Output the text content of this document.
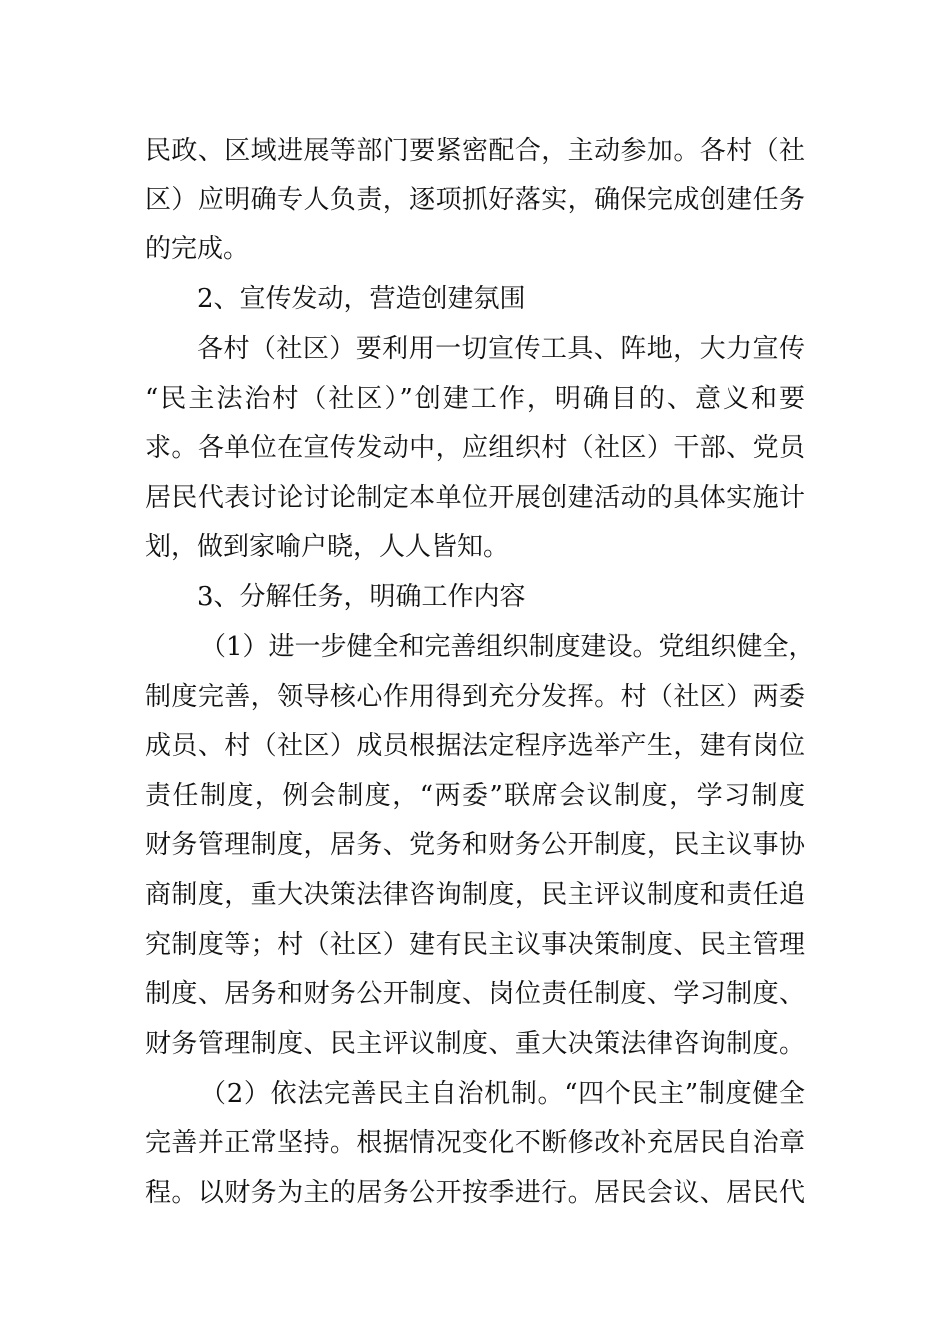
民政、区域进展等部门要紧密配合，主动参加。各村（社
区）应明确专人负责，逐项抓好落实，确保完成创建任务
的完成。
2、宣传发动，营造创建氛围
各村（社区）要利用一切宣传工具、阵地，大力宣传
“民主法治村（社区）”创建工作，明确目的、意义和要
求。各单位在宣传发动中，应组织村（社区）干部、党员
居民代表讨论讨论制定本单位开展创建活动的具体实施计
划，做到家喻户晓，人人皆知。
3、分解任务，明确工作内容
（1）进一步健全和完善组织制度建设。党组织健全，
制度完善，领导核心作用得到充分发挥。村（社区）两委
成员、村（社区）成员根据法定程序选举产生，建有岗位
责任制度，例会制度，“两委”联席会议制度，学习制度
财务管理制度，居务、党务和财务公开制度，民主议事协
商制度，重大决策法律咨询制度，民主评议制度和责任追
究制度等；村（社区）建有民主议事决策制度、民主管理
制度、居务和财务公开制度、岗位责任制度、学习制度、
财务管理制度、民主评议制度、重大决策法律咨询制度。
（2）依法完善民主自治机制。“四个民主”制度健全
完善并正常坚持。根据情况变化不断修改补充居民自治章
程。以财务为主的居务公开按季进行。居民会议、居民代
